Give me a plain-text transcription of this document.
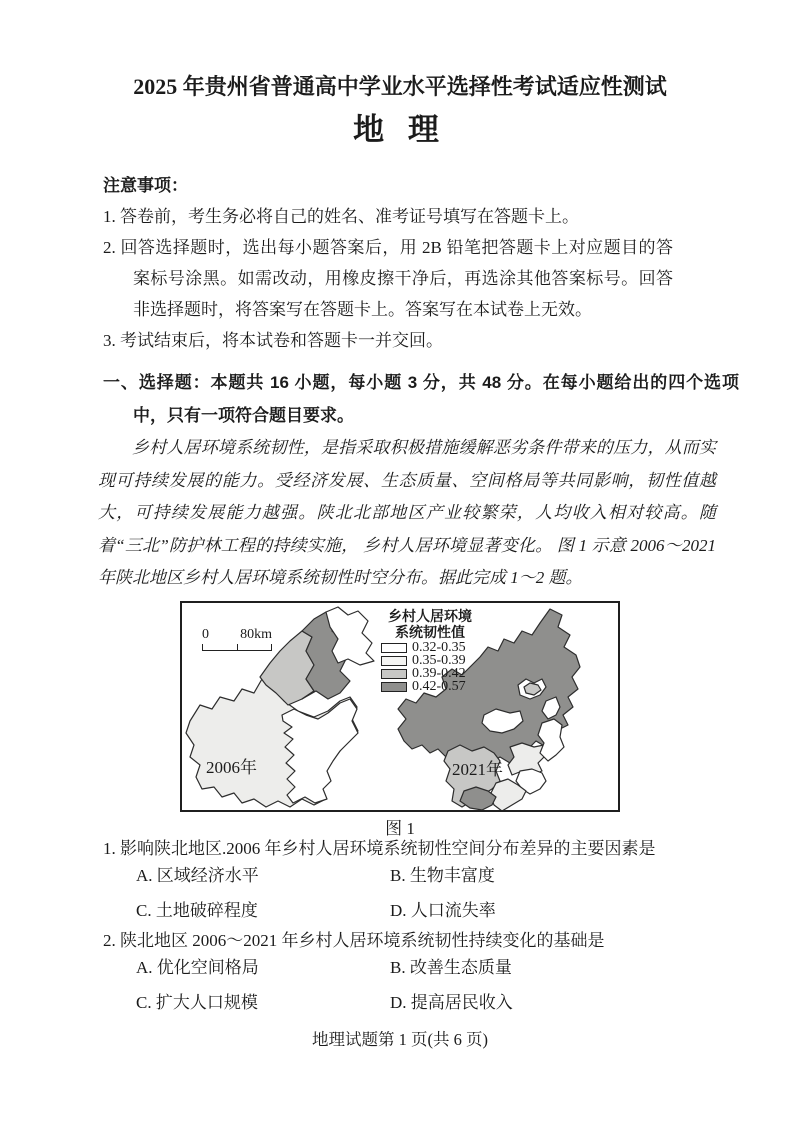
2025 年贵州省普通高中学业水平选择性考试适应性测试
地 理
注意事项：
1. 答卷前，考生务必将自己的姓名、准考证号填写在答题卡上。
2. 回答选择题时，选出每小题答案后，用 2B 铅笔把答题卡上对应题目的答案标号涂黑。如需改动，用橡皮擦干净后，再选涂其他答案标号。回答非选择题时，将答案写在答题卡上。答案写在本试卷上无效。
3. 考试结束后，将本试卷和答题卡一并交回。
一、选择题：本题共 16 小题，每小题 3 分，共 48 分。在每小题给出的四个选项中，只有一项符合题目要求。
乡村人居环境系统韧性，是指采取积极措施缓解恶劣条件带来的压力，从而实现可持续发展的能力。受经济发展、生态质量、空间格局等共同影响，韧性值越大，可持续发展能力越强。陕北北部地区产业较繁荣，人均收入相对较高。随着“三北”防护林工程的持续实施， 乡村人居环境显著变化。 图 1 示意 2006～2021 年陕北地区乡村人居环境系统韧性时空分布。据此完成 1～2 题。
0 80km
乡村人居环境
系统韧性值
0.32-0.35
0.35-0.39
0.39-0.42
0.42-0.57
2006年	2021年
图 1
1. 影响陕北地区.2006 年乡村人居环境系统韧性空间分布差异的主要因素是
A. 区域经济水平	B. 生物丰富度
C. 土地破碎程度	D. 人口流失率
2. 陕北地区 2006～2021 年乡村人居环境系统韧性持续变化的基础是
A. 优化空间格局	B. 改善生态质量
C. 扩大人口规模	D. 提高居民收入
地理试题第 1 页(共 6 页)
